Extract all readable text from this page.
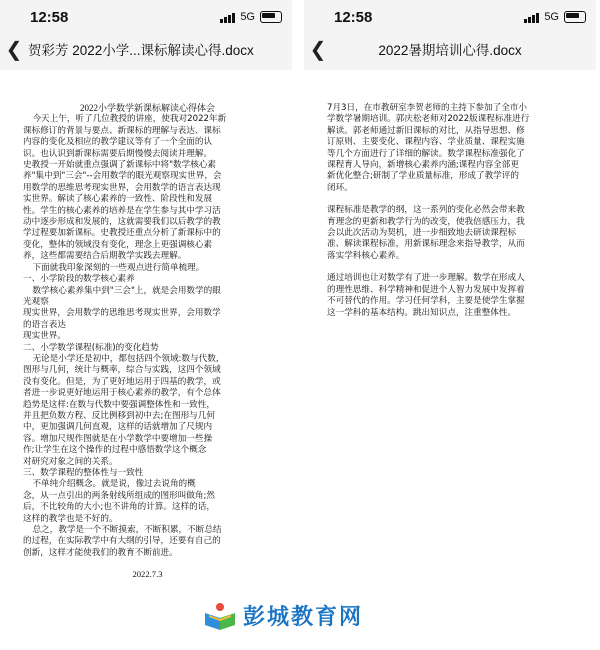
12:58	5G
❮ 贺彩芳 2022小学...课标解读心得.docx

2022小学数学新课标解读心得体会

今天上午，听了几位教授的讲座，使我对2022年新

课标修订的背景与要点、新课标的理解与表达、课标

内容的变化及相应的教学建议等有了一个全面的认

识。也认识到新课标需要后期慢慢去阅读并理解。

史教授一开始就重点强调了新课标中将"数学核心素

养"集中到"三会"--会用数学的眼光观察现实世界，会

用数学的思维思考现实世界，会用数学的语言表达现

实世界。解读了核心素养的一致性、阶段性和发展

性。学生的核心素养的培养是在学生参与其中学习活

动中逐步形成和发展的，这就需要我们以后教学的教

学过程要加新课标。史教授还重点分析了新课标中的

变化，整体的领域没有变化，理念上更强调核心素

养，这些都需要结合后期教学实践去理解。

下面就我印象深刻的一些观点进行简单梳理。

一、小学阶段的数学核心素养

数学核心素养集中到"三会"上，就是会用数学的眼

光观察

现实世界，会用数学的思维思考现实世界，会用数学

的语言表达

现实世界。

二、小学数学课程(标准)的变化趋势

无论是小学还是初中，都包括四个领域:数与代数,

图形与几何，统计与概率，综合与实践，这四个领域

没有变化。但是，为了更好地运用于四基的教学，或

者进一步说更好地运用于核心素养的教学，有个总体

趋势是这样:在数与代数中要强调整体性和一致性，

并且把负数方程、反比例移到初中去;在图形与几何

中，更加强调几何直观，这样的话就增加了尺规内

容。增加尺规作图就是在小学数学中要增加一些操

作;让学生在这个操作的过程中感悟数学这个概念

对研究对象之间的关系。

三、数学课程的整体性与一致性

不单纯介绍概念。就是说，像过去说角的概

念，从一点引出的两条射线所组成的图形叫做角;然

后，不比较角的大小;也不讲角的计算。这样的话，

这样的教学也是不好的。

总之，教学是一个不断摸索，不断积累，不断总结

的过程，在实际教学中有大纲的引导，还要有自己的

创新，这样才能使我们的教育不断前进。

2022.7.3

12:58	5G
❮	2022暑期培训心得.docx

7月3日，在市教研室李贺老师的主持下参加了全市小

学数学暑期培训。郭庆松老师对2022版课程标准进行

解读。郭老师通过新旧课标的对比，从指导思想、修

订原则、主要变化、课程内容、学业质量、课程实施

等几个方面进行了详细的解读。数学课程标准强化了

课程育人导向，新增核心素养内涵;课程内容全部更

新优化整合;研制了学业质量标准，形成了教学评的

闭环。

课程标准是教学的纲，这一系列的变化必然会带来教

育理念的更新和教学行为的改变，使我倍感压力，我

会以此次活动为契机，进一步细致地去研读课程标

准、解读课程标准，用新课标理念来指导教学，从而

落实学科核心素养。

通过培训也让对数学有了进一步理解。数学在形成人

的理性思维、科学精神和促进个人智力发展中发挥着

不可替代的作用。学习任何学科，主要是使学生掌握

这一学科的基本结构。跳出知识点，注重整体性。

彭城教育网
